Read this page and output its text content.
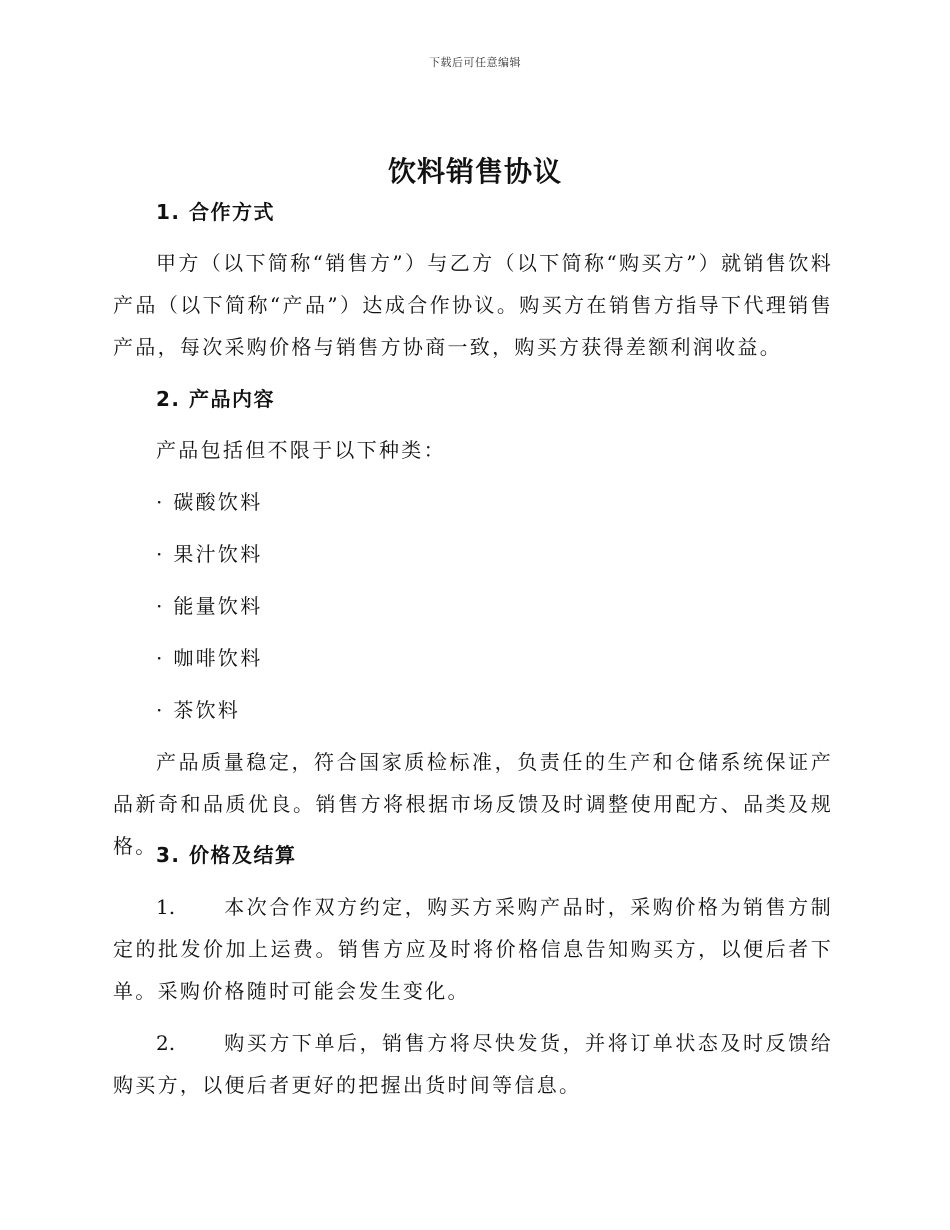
下载后可任意编辑
饮料销售协议
1. 合作方式
甲方（以下简称“销售方”）与乙方（以下简称“购买方”）就销售饮料产品（以下简称“产品”）达成合作协议。购买方在销售方指导下代理销售产品，每次采购价格与销售方协商一致，购买方获得差额利润收益。
2. 产品内容
产品包括但不限于以下种类：
· 碳酸饮料
· 果汁饮料
· 能量饮料
· 咖啡饮料
· 茶饮料
产品质量稳定，符合国家质检标准，负责任的生产和仓储系统保证产品新奇和品质优良。销售方将根据市场反馈及时调整使用配方、品类及规格。
3. 价格及结算
1. 本次合作双方约定，购买方采购产品时，采购价格为销售方制定的批发价加上运费。销售方应及时将价格信息告知购买方，以便后者下单。采购价格随时可能会发生变化。
2. 购买方下单后，销售方将尽快发货，并将订单状态及时反馈给购买方，以便后者更好的把握出货时间等信息。
